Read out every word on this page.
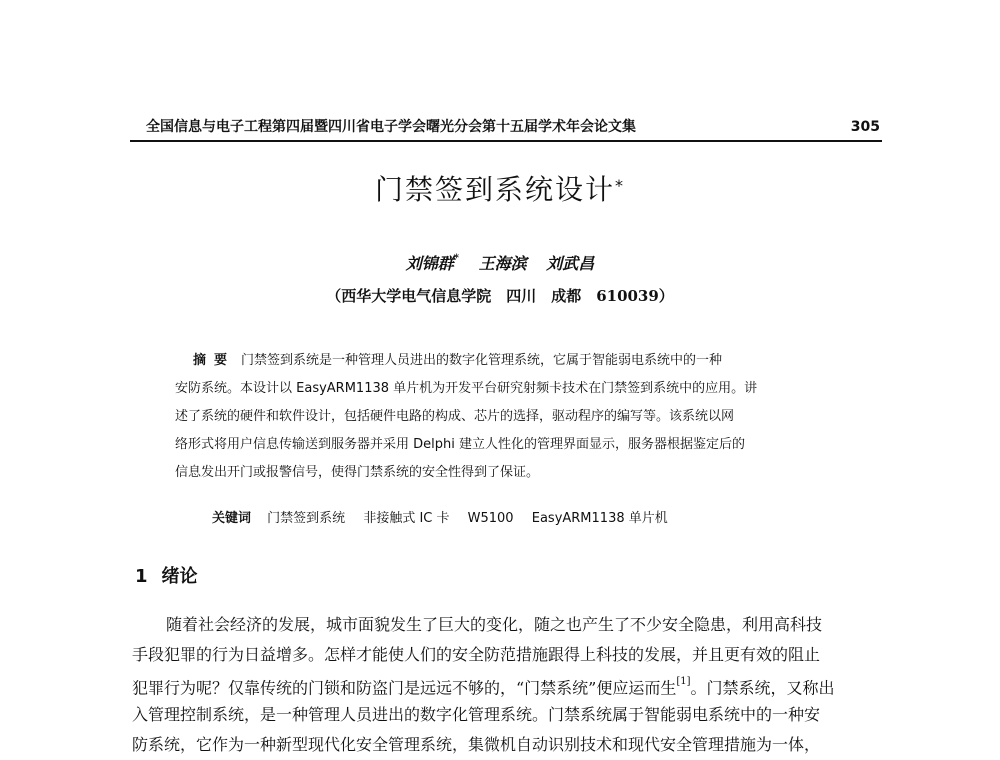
全国信息与电子工程第四届暨四川省电子学会曙光分会第十五届学术年会论文集	305
门禁签到系统设计*
刘锦群* 王海滨 刘武昌
（西华大学电气信息学院　四川　成都　610039）
摘要 门禁签到系统是一种管理人员进出的数字化管理系统，它属于智能弱电系统中的一种
安防系统。本设计以 EasyARM1138 单片机为开发平台研究射频卡技术在门禁签到系统中的应用。讲
述了系统的硬件和软件设计，包括硬件电路的构成、芯片的选择，驱动程序的编写等。该系统以网
络形式将用户信息传输送到服务器并采用 Delphi 建立人性化的管理界面显示，服务器根据鉴定后的
信息发出开门或报警信号，使得门禁系统的安全性得到了保证。
关键词 门禁签到系统 非接触式 IC 卡 W5100 EasyARM1138 单片机
1 绪论
随着社会经济的发展，城市面貌发生了巨大的变化，随之也产生了不少安全隐患，利用高科技
手段犯罪的行为日益增多。怎样才能使人们的安全防范措施跟得上科技的发展，并且更有效的阻止
犯罪行为呢？仅靠传统的门锁和防盗门是远远不够的，“门禁系统”便应运而生[1]。门禁系统，又称出
入管理控制系统，是一种管理人员进出的数字化管理系统。门禁系统属于智能弱电系统中的一种安
防系统，它作为一种新型现代化安全管理系统，集微机自动识别技术和现代安全管理措施为一体，
